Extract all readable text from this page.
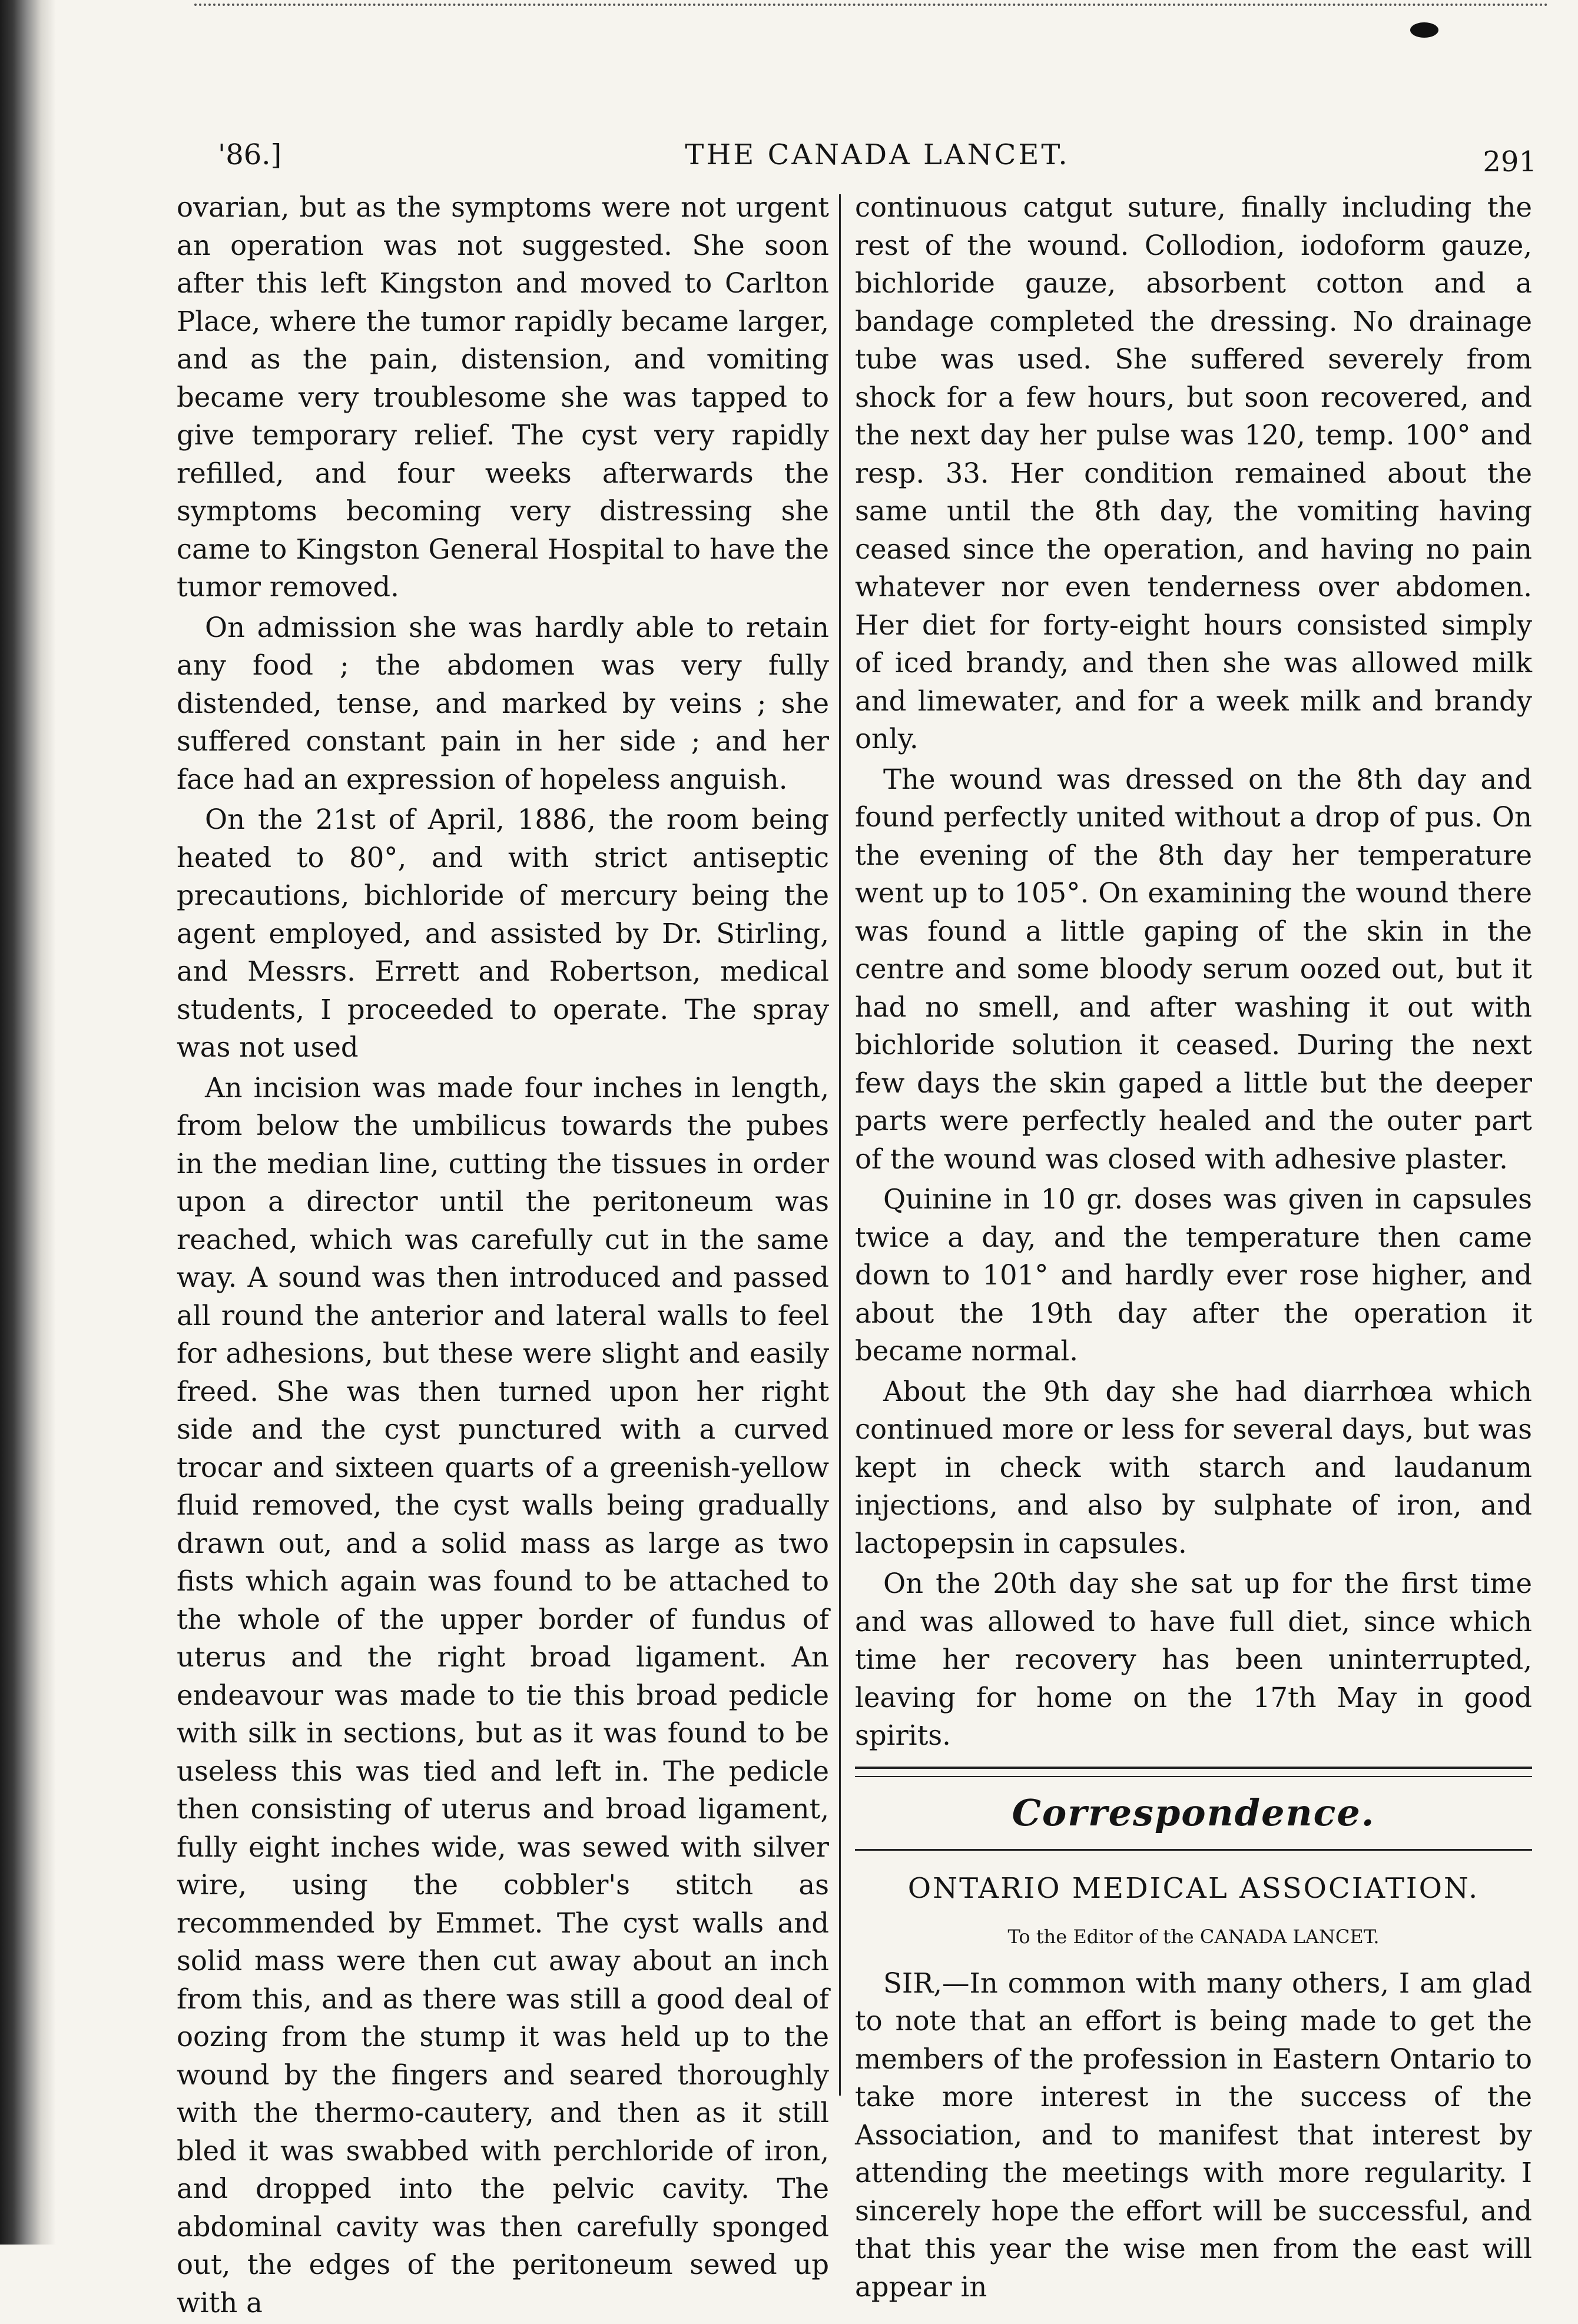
'86.]	THE CANADA LANCET.	291

ovarian, but as the symptoms were not urgent an operation was not suggested. She soon after this left Kingston and moved to Carlton Place, where the tumor rapidly became larger, and as the pain, distension, and vomiting became very troublesome she was tapped to give temporary relief. The cyst very rapidly refilled, and four weeks afterwards the symptoms becoming very distressing she came to Kingston General Hospital to have the tumor removed.

On admission she was hardly able to retain any food ; the abdomen was very fully distended, tense, and marked by veins ; she suffered constant pain in her side ; and her face had an expression of hopeless anguish.

On the 21st of April, 1886, the room being heated to 80°, and with strict antiseptic precautions, bichloride of mercury being the agent employed, and assisted by Dr. Stirling, and Messrs. Errett and Robertson, medical students, I proceeded to operate. The spray was not used

An incision was made four inches in length, from below the umbilicus towards the pubes in the median line, cutting the tissues in order upon a director until the peritoneum was reached, which was carefully cut in the same way. A sound was then introduced and passed all round the anterior and lateral walls to feel for adhesions, but these were slight and easily freed. She was then turned upon her right side and the cyst punctured with a curved trocar and sixteen quarts of a greenish-yellow fluid removed, the cyst walls being gradually drawn out, and a solid mass as large as two fists which again was found to be attached to the whole of the upper border of fundus of uterus and the right broad ligament. An endeavour was made to tie this broad pedicle with silk in sections, but as it was found to be useless this was tied and left in. The pedicle then consisting of uterus and broad ligament, fully eight inches wide, was sewed with silver wire, using the cobbler's stitch as recommended by Emmet. The cyst walls and solid mass were then cut away about an inch from this, and as there was still a good deal of oozing from the stump it was held up to the wound by the fingers and seared thoroughly with the thermo-cautery, and then as it still bled it was swabbed with perchloride of iron, and dropped into the pelvic cavity. The abdominal cavity was then carefully sponged out, the edges of the peritoneum sewed up with a

continuous catgut suture, finally including the rest of the wound. Collodion, iodoform gauze, bichloride gauze, absorbent cotton and a bandage completed the dressing. No drainage tube was used. She suffered severely from shock for a few hours, but soon recovered, and the next day her pulse was 120, temp. 100° and resp. 33. Her condition remained about the same until the 8th day, the vomiting having ceased since the operation, and having no pain whatever nor even tenderness over abdomen. Her diet for forty-eight hours consisted simply of iced brandy, and then she was allowed milk and limewater, and for a week milk and brandy only.

The wound was dressed on the 8th day and found perfectly united without a drop of pus. On the evening of the 8th day her temperature went up to 105°. On examining the wound there was found a little gaping of the skin in the centre and some bloody serum oozed out, but it had no smell, and after washing it out with bichloride solution it ceased. During the next few days the skin gaped a little but the deeper parts were perfectly healed and the outer part of the wound was closed with adhesive plaster.

Quinine in 10 gr. doses was given in capsules twice a day, and the temperature then came down to 101° and hardly ever rose higher, and about the 19th day after the operation it became normal.

About the 9th day she had diarrhœa which continued more or less for several days, but was kept in check with starch and laudanum injections, and also by sulphate of iron, and lactopepsin in capsules.

On the 20th day she sat up for the first time and was allowed to have full diet, since which time her recovery has been uninterrupted, leaving for home on the 17th May in good spirits.

Correspondence.
ONTARIO MEDICAL ASSOCIATION.
To the Editor of the CANADA LANCET.

SIR,—In common with many others, I am glad to note that an effort is being made to get the members of the profession in Eastern Ontario to take more interest in the success of the Association, and to manifest that interest by attending the meetings with more regularity. I sincerely hope the effort will be successful, and that this year the wise men from the east will appear in
